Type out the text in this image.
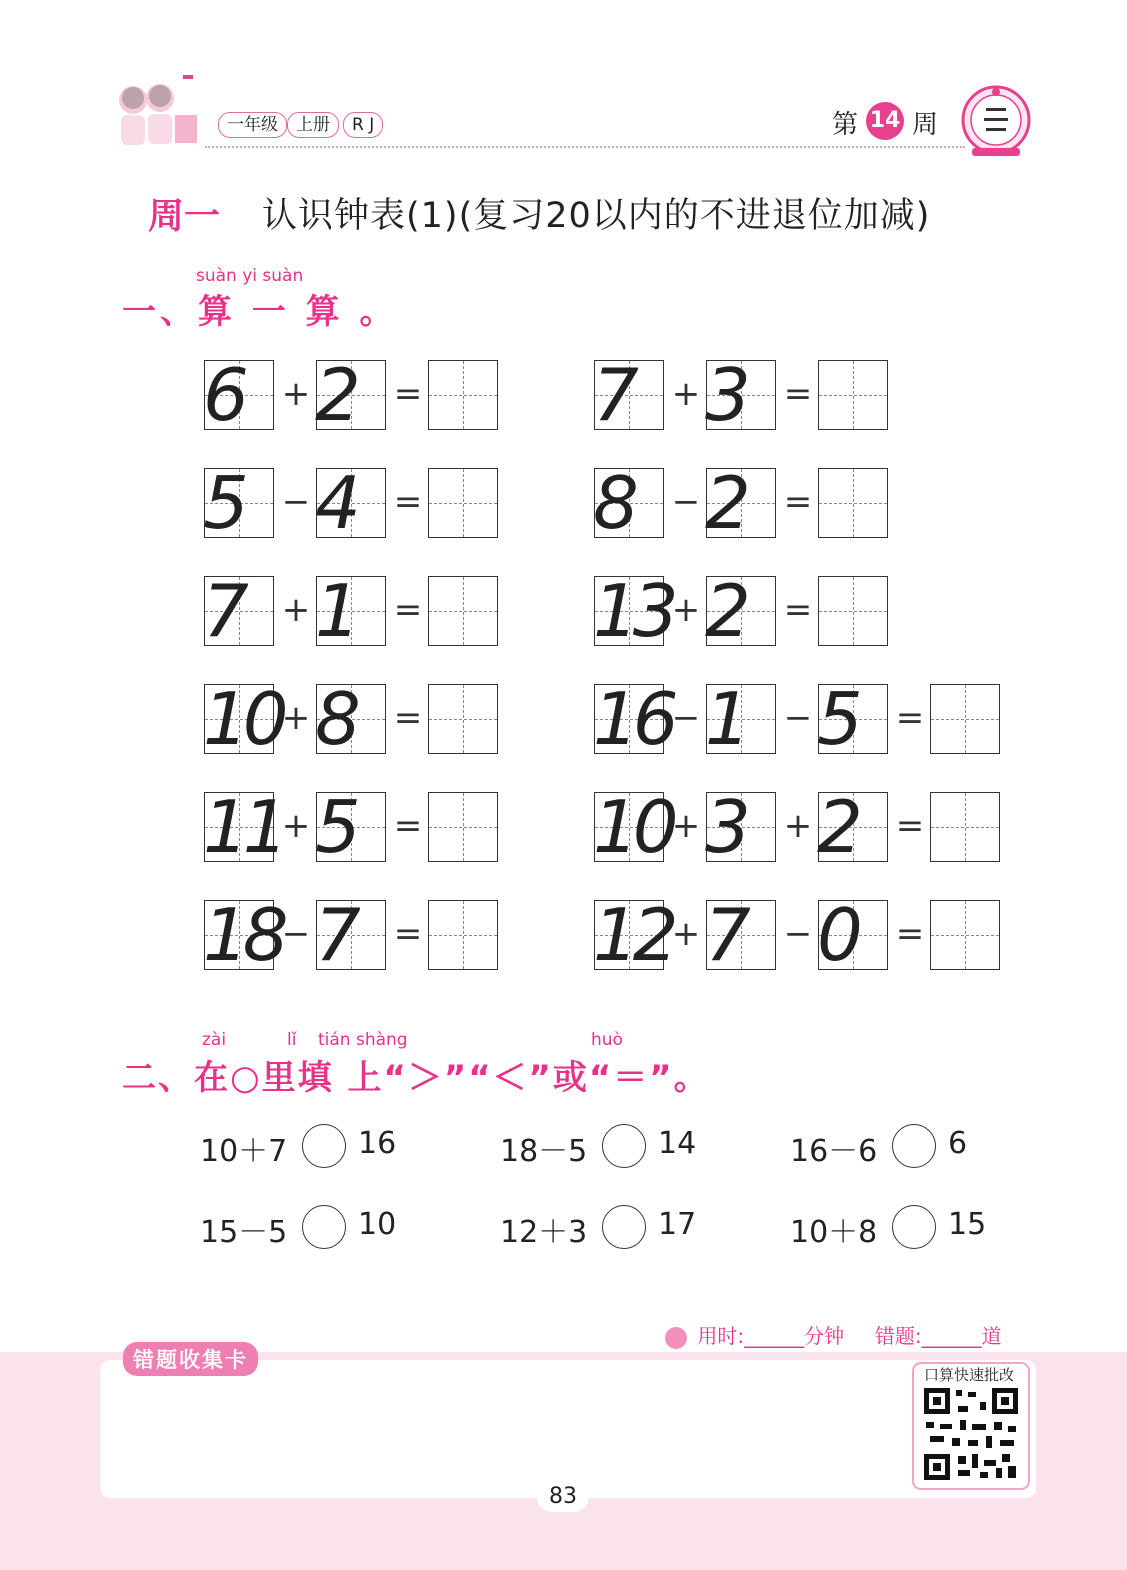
一年级	上册	R J	第 14 周
周一 认识钟表(1)(复习20以内的不进退位加减)
suàn yi suàn
一、算 一 算 。
6 + 2 =
5 − 4 =
7 + 1 =
10 + 8 =
11 + 5 =
18 − 7 =
7 + 3 =
8 − 2 =
13 + 2 =
16 − 1 − 5 =
10 + 3 + 2 =
12 + 7 − 0 =
zài	lǐ tián shàng	huò
二、在○里填 上“＞”“＜”或“＝”。
10＋7 16	18－5 14	16－6 6
15－5 10	12＋3 17	10＋8 15
用时:______分钟 错题:______道
错题收集卡
口算快速批改
83
